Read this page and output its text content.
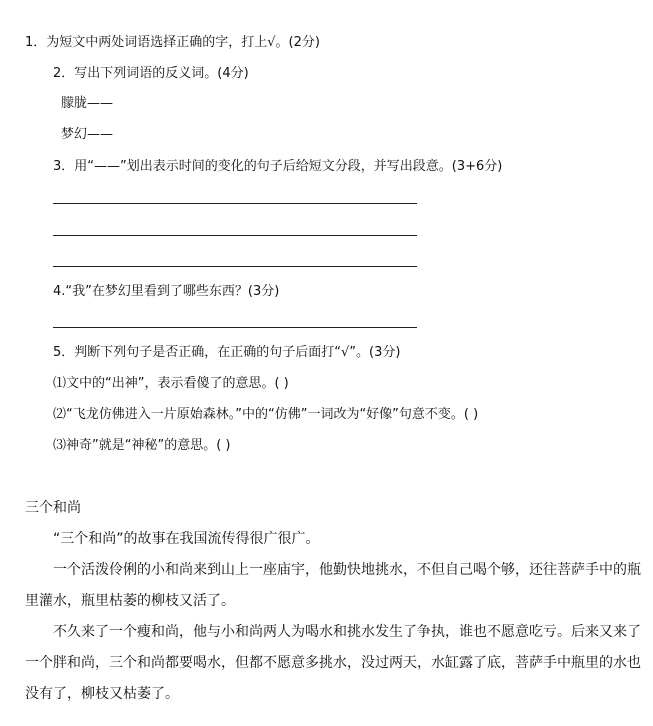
1．为短文中两处词语选择正确的字，打上√。(2分)
2．写出下列词语的反义词。(4分)
朦胧——
梦幻——
3．用“——”划出表示时间的变化的句子后给短文分段，并写出段意。(3+6分)
4.“我”在梦幻里看到了哪些东西？(3分)
5．判断下列句子是否正确，在正确的句子后面打“√”。(3分)
⑴文中的“出神”，表示看傻了的意思。( )
⑵“飞龙仿佛进入一片原始森林。”中的“仿佛”一词改为“好像”句意不变。( )
⑶神奇”就是“神秘”的意思。( )
三个和尚
“三个和尚”的故事在我国流传得很广很广。
一个活泼伶俐的小和尚来到山上一座庙宇，他勤快地挑水，不但自己喝个够，还往菩萨手中的瓶
里灌水，瓶里枯萎的柳枝又活了。
不久来了一个瘦和尚，他与小和尚两人为喝水和挑水发生了争执，谁也不愿意吃亏。后来又来了
一个胖和尚，三个和尚都要喝水，但都不愿意多挑水，没过两天，水缸露了底，菩萨手中瓶里的水也
没有了，柳枝又枯萎了。
